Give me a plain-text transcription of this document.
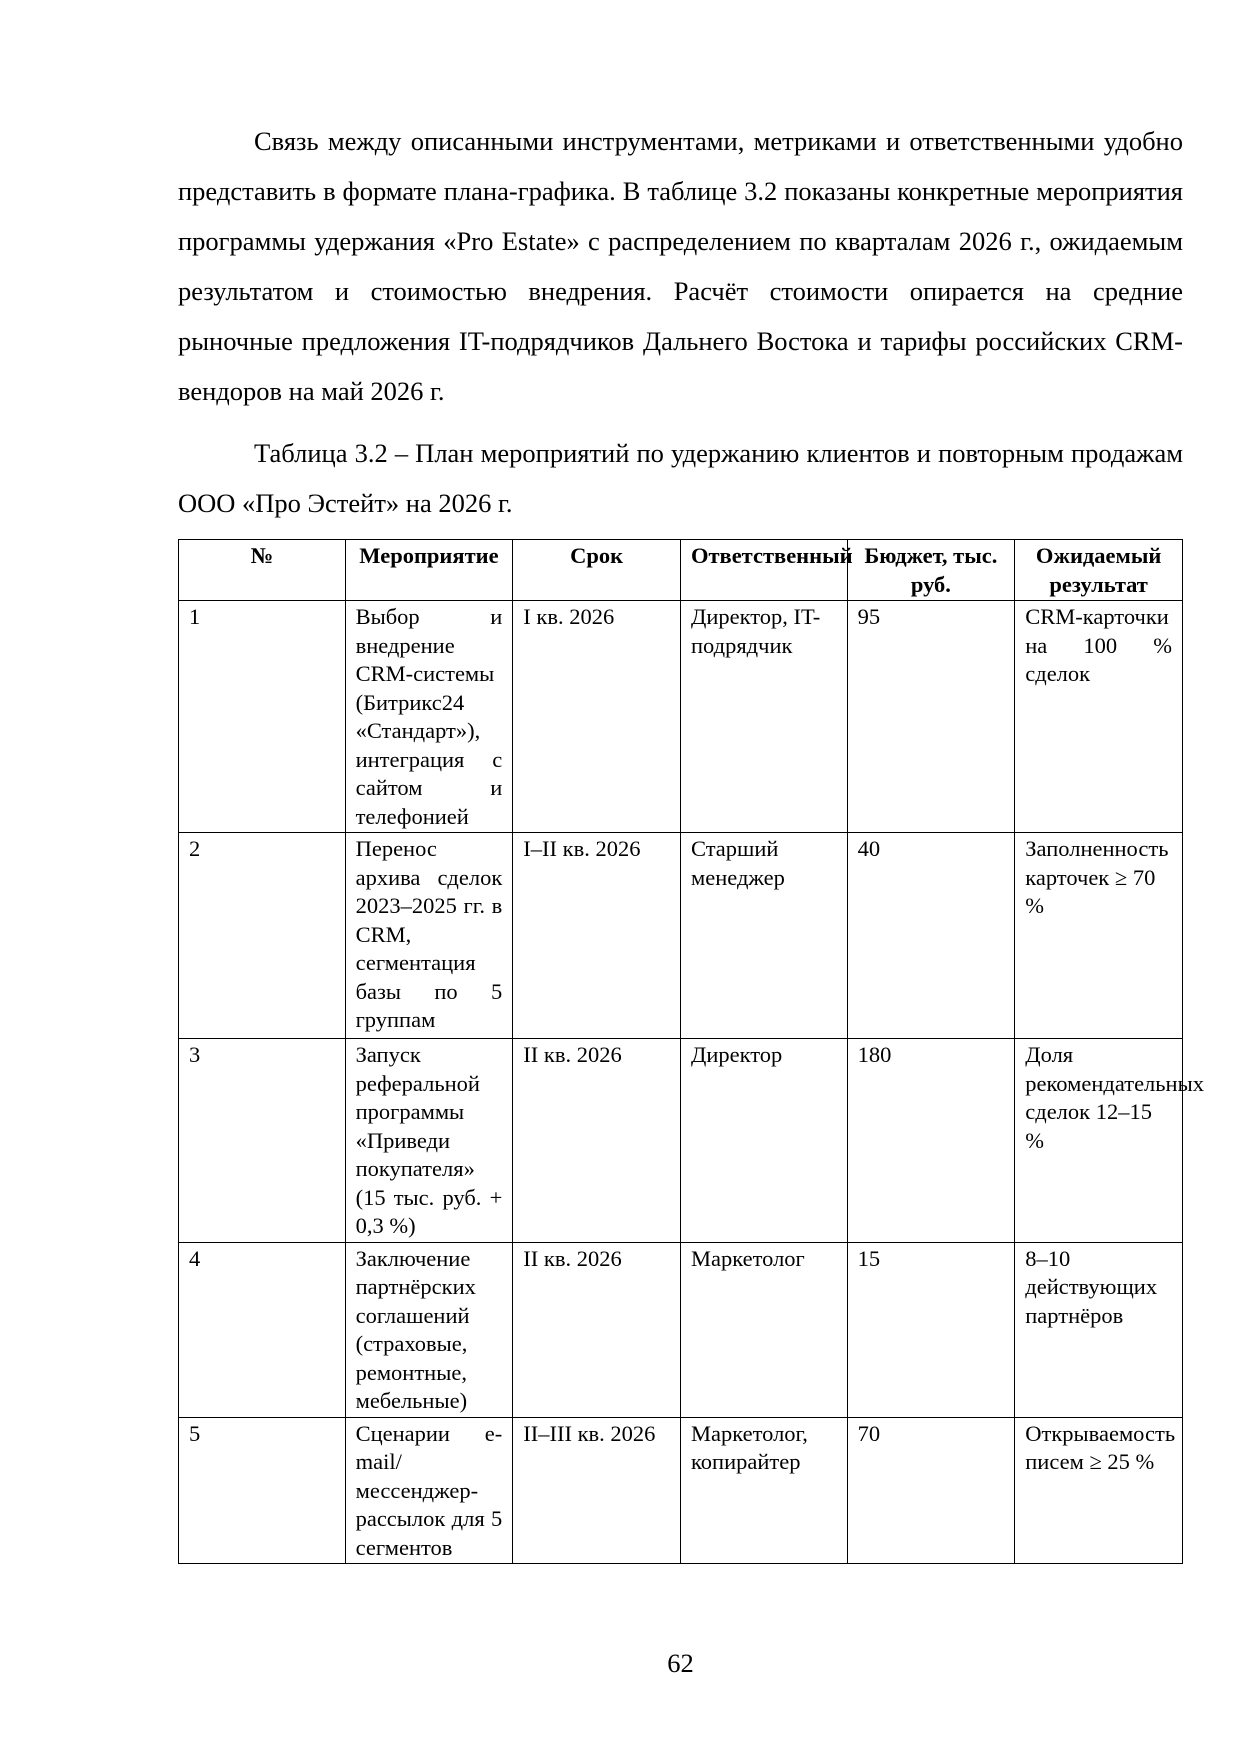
Связь между описанными инструментами, метриками и ответственными удобно представить в формате плана-графика. В таблице 3.2 показаны конкретные мероприятия программы удержания «Pro Estate» с распределением по кварталам 2026 г., ожидаемым результатом и стоимостью внедрения. Расчёт стоимости опирается на средние рыночные предложения IT-подрядчиков Дальнего Востока и тарифы российских CRM-вендоров на май 2026 г.

Таблица 3.2 – План мероприятий по удержанию клиентов и повторным продажам ООО «Про Эстейт» на 2026 г.

№	Мероприятие	Срок	Ответственный	Бюджет, тыс. руб.	Ожидаемый результат
1	Выбор и внедрение CRM-системы (Битрикс24 «Стандарт»), интеграция с сайтом и телефонией	I кв. 2026	Директор, IT-подрядчик	95	CRM-карточки на 100 % сделок
2	Перенос архива сделок 2023–2025 гг. в CRM, сегментация базы по 5 группам	I–II кв. 2026	Старший менеджер	40	Заполненность карточек ≥ 70 %
3	Запуск реферальной программы «Приведи покупателя» (15 тыс. руб. + 0,3 %)	II кв. 2026	Директор	180	Доля рекомендательных сделок 12–15 %
4	Заключение партнёрских соглашений (страховые, ремонтные, мебельные)	II кв. 2026	Маркетолог	15	8–10 действующих партнёров
5	Сценарии e-mail/мессенджер-рассылок для 5 сегментов	II–III кв. 2026	Маркетолог, копирайтер	70	Открываемость писем ≥ 25 %
62
